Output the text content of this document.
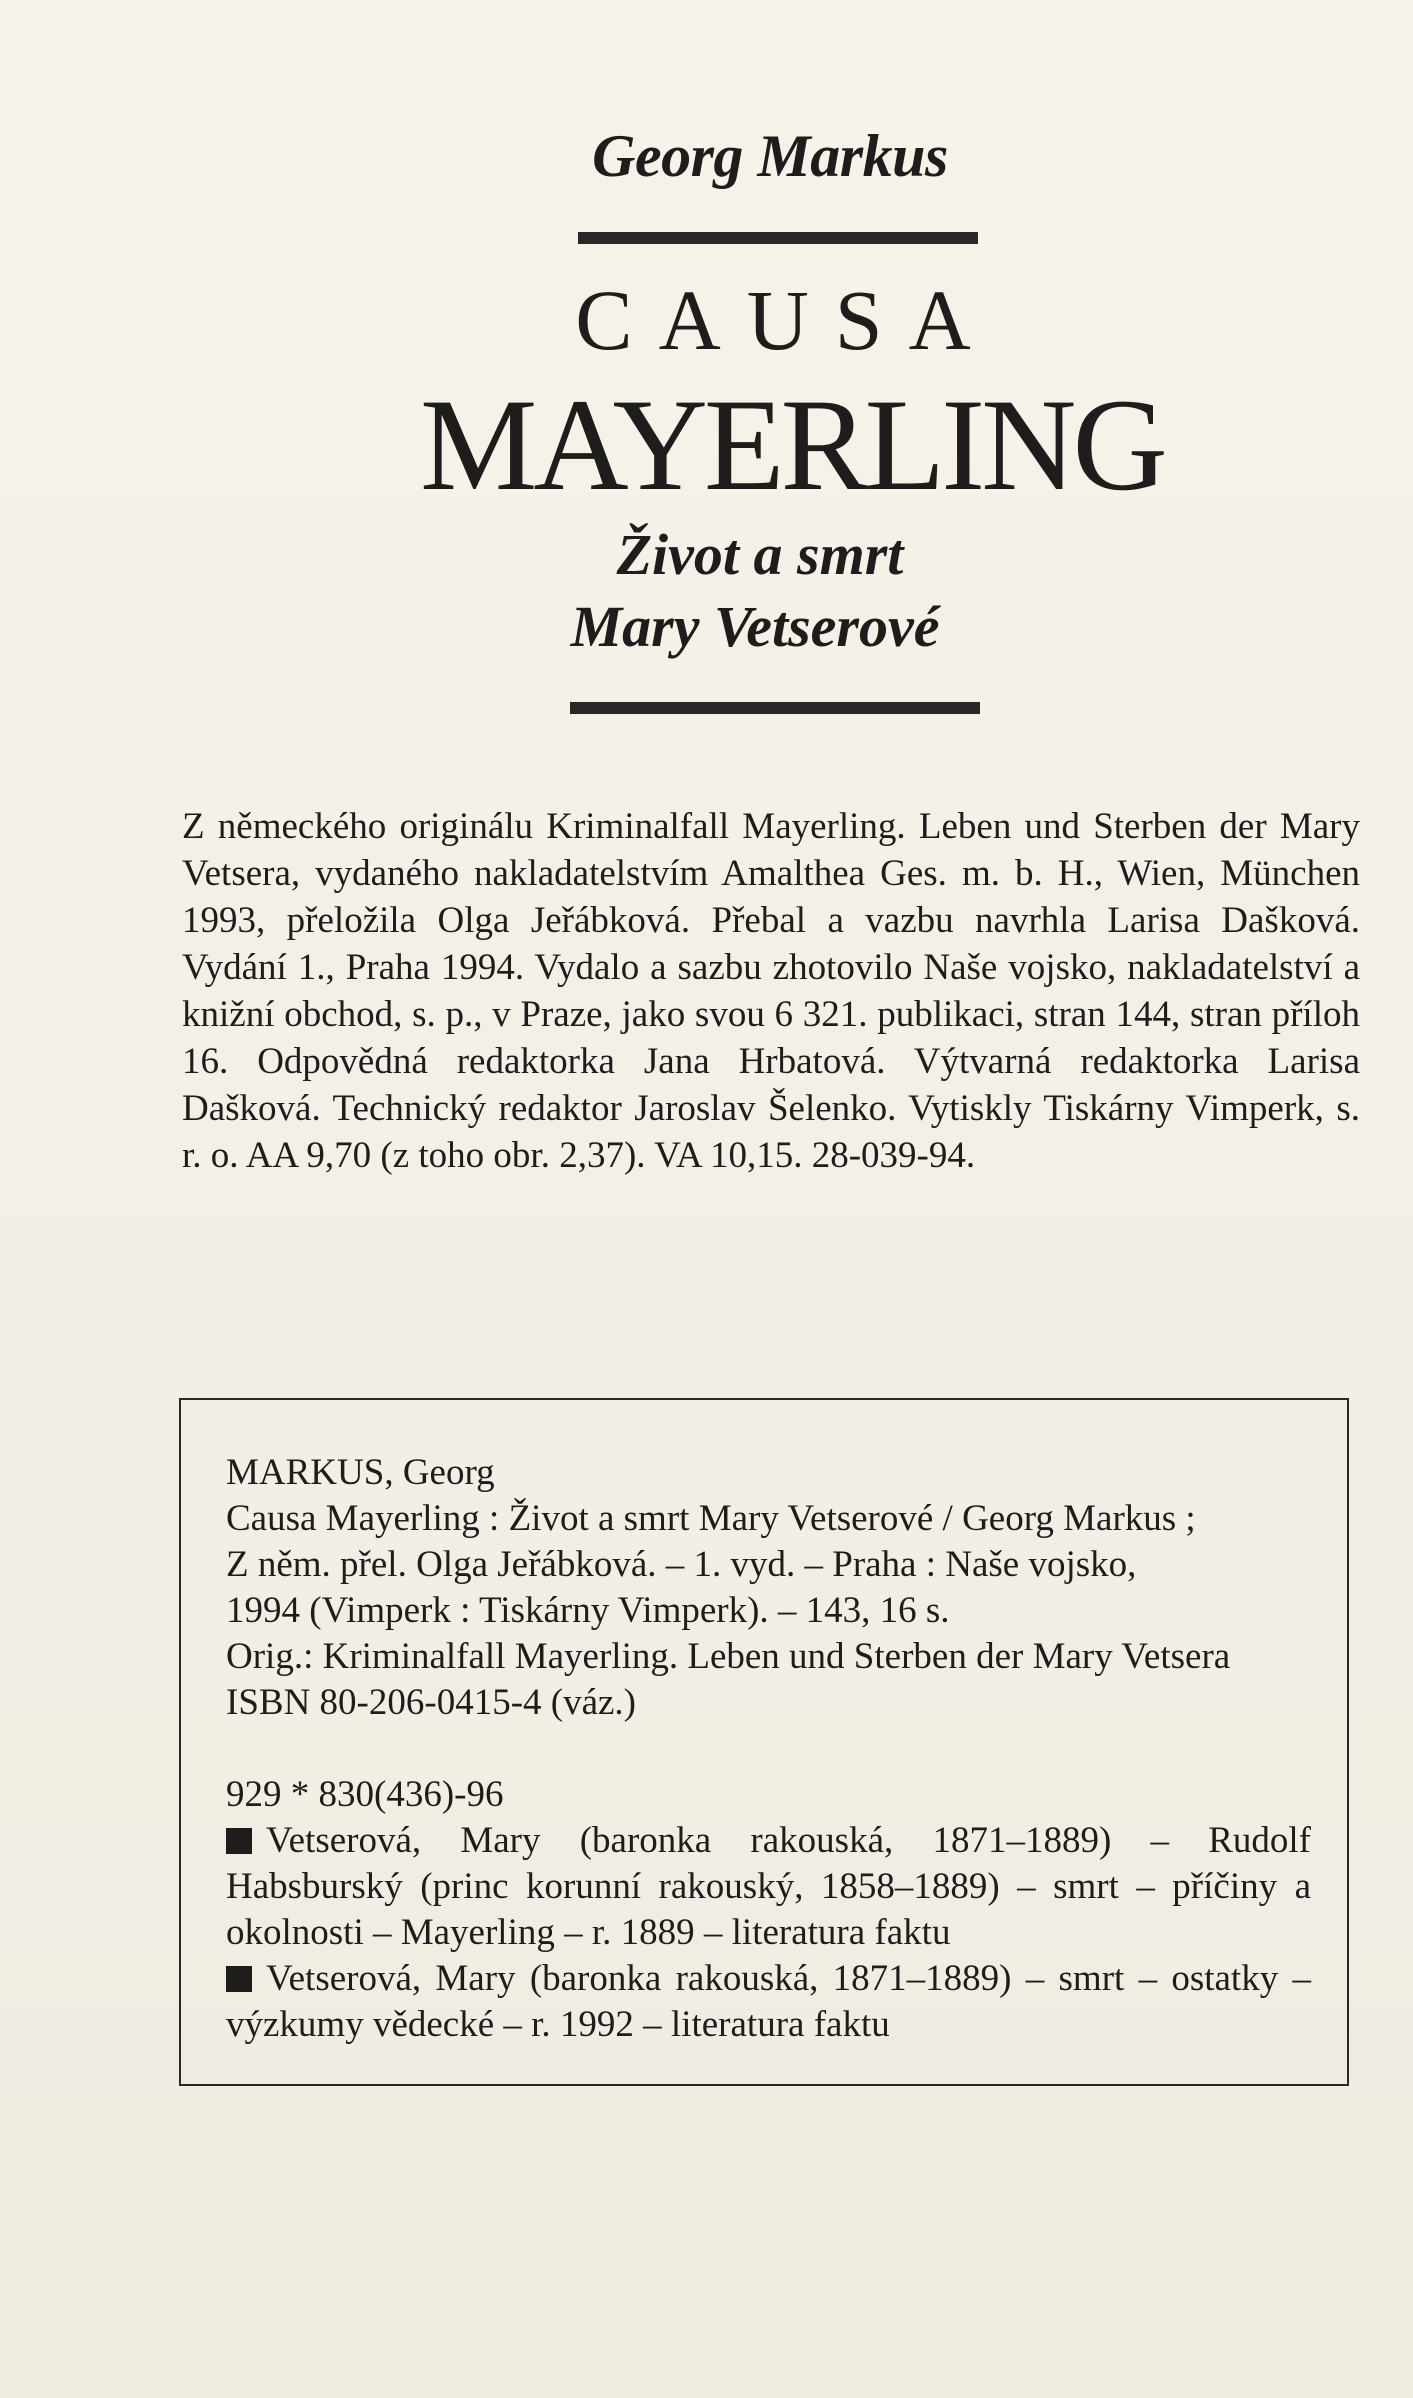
Georg Markus
CAUSA
MAYERLING
Život a smrt
Mary Vetserové
Z německého originálu Kriminalfall Mayerling. Leben und Sterben der Mary Vetsera, vydaného nakladatelstvím Amalthea Ges. m. b. H., Wien, München 1993, přeložila Olga Jeřábková. Přebal a vazbu navrhla Larisa Dašková. Vydání 1., Praha 1994. Vydalo a sazbu zhotovilo Naše vojsko, nakladatelství a knižní obchod, s. p., v Praze, jako svou 6 321. publikaci, stran 144, stran příloh 16. Odpovědná redaktorka Jana Hrbatová. Výtvarná redaktorka Larisa Dašková. Technický redaktor Jaroslav Šelenko. Vytiskly Tiskárny Vimperk, s. r. o. AA 9,70 (z toho obr. 2,37). VA 10,15. 28-039-94.
MARKUS, Georg
Causa Mayerling : Život a smrt Mary Vetserové / Georg Markus ;
Z něm. přel. Olga Jeřábková. – 1. vyd. – Praha : Naše vojsko,
1994 (Vimperk : Tiskárny Vimperk). – 143, 16 s.
Orig.: Kriminalfall Mayerling. Leben und Sterben der Mary Vetsera
ISBN 80-206-0415-4 (váz.)
929 * 830(436)-96
Vetserová, Mary (baronka rakouská, 1871–1889) – Rudolf Habsburský (princ korunní rakouský, 1858–1889) – smrt – příčiny a okolnosti – Mayerling – r. 1889 – literatura faktu
Vetserová, Mary (baronka rakouská, 1871–1889) – smrt – ostatky – výzkumy vědecké – r. 1992 – literatura faktu
